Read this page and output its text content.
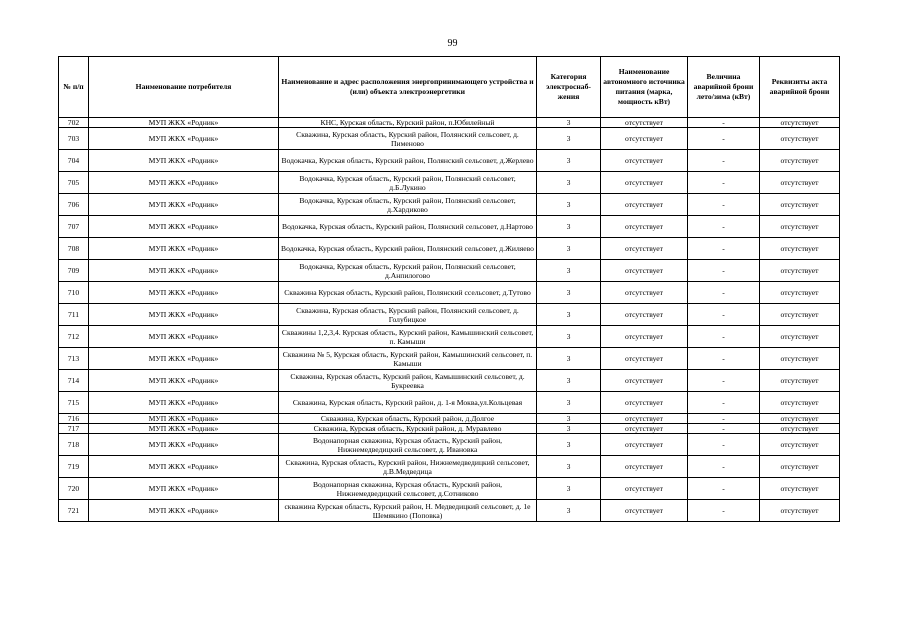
99
№ п/п	Наименование потребителя	Наименование и адрес расположения энергопринимающего устройства и (или) объекта электроэнергетики	Категория электроснаб-жения	Наименование автономного источника питания (марка, мощность кВт)	Величина аварийной брони лето/зима (кВт)	Реквизиты акта аварийной брони
702	МУП ЖКХ «Родник»	КНС, Курская область, Курский район, п.Юбилейный	3	отсутствует	-	отсутствует
703	МУП ЖКХ «Родник»	Скважина, Курская область, Курский район, Полянский сельсовет, д. Пименово	3	отсутствует	-	отсутствует
704	МУП ЖКХ «Родник»	Водокачка, Курская область, Курский район, Полянский сельсовет, д.Жерлево	3	отсутствует	-	отсутствует
705	МУП ЖКХ «Родник»	Водокачка, Курская область, Курский район, Полянский сельсовет, д.Б.Лукино	3	отсутствует	-	отсутствует
706	МУП ЖКХ «Родник»	Водокачка, Курская область, Курский район, Полянский сельсовет, д.Хардиково	3	отсутствует	-	отсутствует
707	МУП ЖКХ «Родник»	Водокачка, Курская область, Курский район, Полянский сельсовет, д.Нартово	3	отсутствует	-	отсутствует
708	МУП ЖКХ «Родник»	Водокачка, Курская область, Курский район, Полянский сельсовет, д.Жиляево	3	отсутствует	-	отсутствует
709	МУП ЖКХ «Родник»	Водокачка, Курская область, Курский район, Полянский сельсовет, д.Анпилогово	3	отсутствует	-	отсутствует
710	МУП ЖКХ «Родник»	Скважина Курская область, Курский район, Полянский ссельсовет, д.Тутово	3	отсутствует	-	отсутствует
711	МУП ЖКХ «Родник»	Скважина, Курская область, Курский район, Полянский сельсовет, д. Голубицкое	3	отсутствует	-	отсутствует
712	МУП ЖКХ «Родник»	Скважины 1,2,3,4. Курская область, Курский район, Камышинский сельсовет, п. Камыши	3	отсутствует	-	отсутствует
713	МУП ЖКХ «Родник»	Скважина № 5, Курская область, Курский район, Камышинский сельсовет, п. Камыши	3	отсутствует	-	отсутствует
714	МУП ЖКХ «Родник»	Скважина, Курская область, Курский район, Камышинский сельсовет, д. Букреевка	3	отсутствует	-	отсутствует
715	МУП ЖКХ «Родник»	Скважина, Курская область, Курский район, д. 1-я Моква,ул.Кольцевая	3	отсутствует	-	отсутствует
716	МУП ЖКХ «Родник»	Скважина, Курская область, Курский район, д.Долгое	3	отсутствует	-	отсутствует
717	МУП ЖКХ «Родник»	Скважина, Курская область, Курский район, д. Муравлево	3	отсутствует	-	отсутствует
718	МУП ЖКХ «Родник»	Водонапорная скважина, Курская область, Курский район, Нижнемедведицкий сельсовет, д. Ивановка	3	отсутствует	-	отсутствует
719	МУП ЖКХ «Родник»	Скважина, Курская область, Курский район, Нижнемедведицкий сельсовет, д.В.Медведица	3	отсутствует	-	отсутствует
720	МУП ЖКХ «Родник»	Водонапорная скважина, Курская область, Курский район, Нижнемедведицкий сельсовет, д.Сотниково	3	отсутствует	-	отсутствует
721	МУП ЖКХ «Родник»	скважина Курская область, Курский район, Н. Медведицкий сельсовет, д. 1е Шемякино (Поповка)	3	отсутствует	-	отсутствует
